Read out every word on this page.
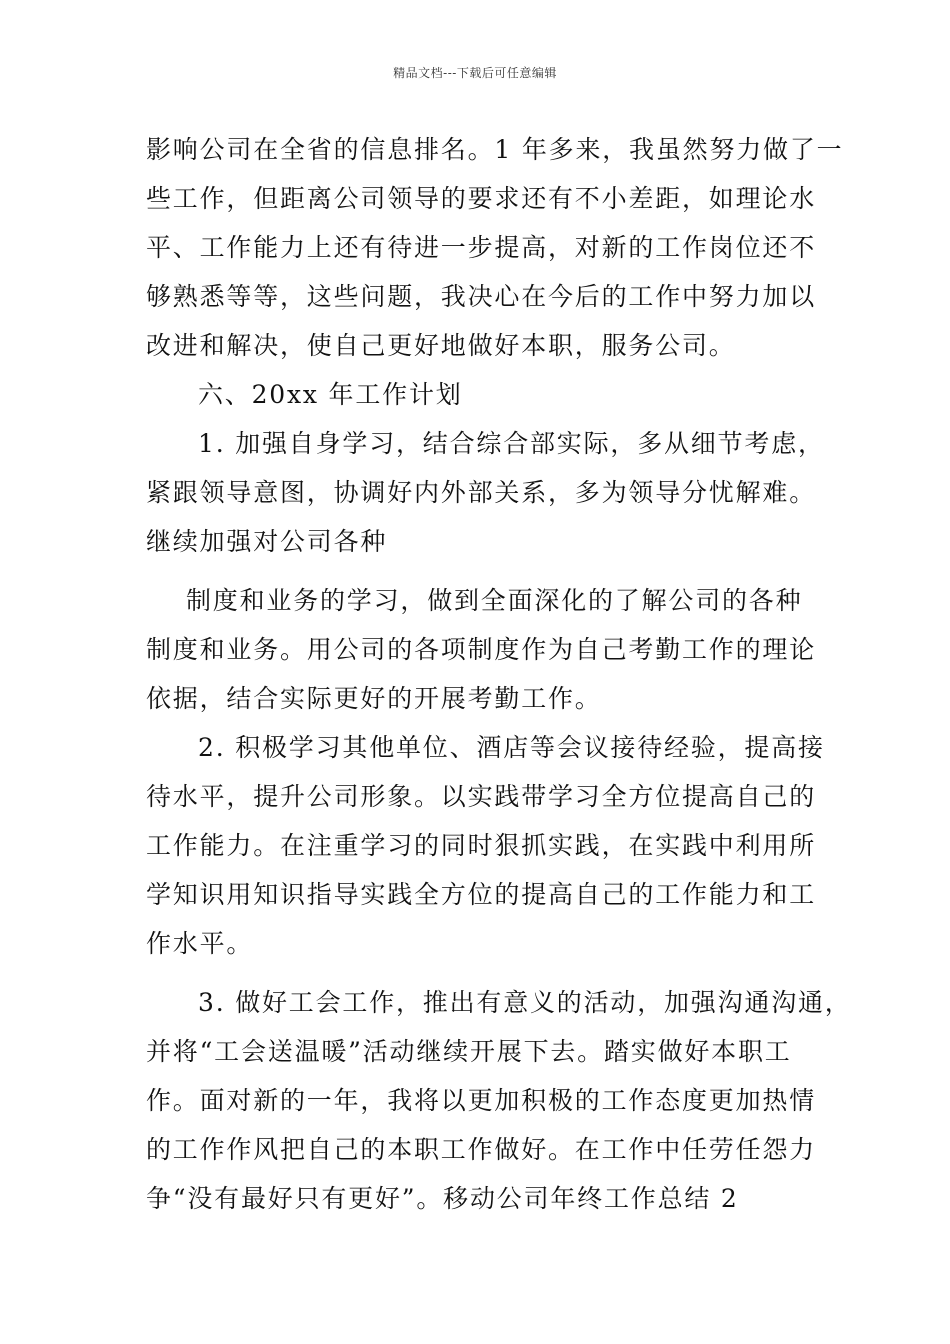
精品文档---下载后可任意编辑
影响公司在全省的信息排名。1 年多来，我虽然努力做了一
些工作，但距离公司领导的要求还有不小差距，如理论水
平、工作能力上还有待进一步提高，对新的工作岗位还不
够熟悉等等，这些问题，我决心在今后的工作中努力加以
改进和解决，使自己更好地做好本职，服务公司。
六、20xx 年工作计划
1. 加强自身学习，结合综合部实际，多从细节考虑，
紧跟领导意图，协调好内外部关系，多为领导分忧解难。
继续加强对公司各种
制度和业务的学习，做到全面深化的了解公司的各种
制度和业务。用公司的各项制度作为自己考勤工作的理论
依据，结合实际更好的开展考勤工作。
2. 积极学习其他单位、酒店等会议接待经验，提高接
待水平，提升公司形象。以实践带学习全方位提高自己的
工作能力。在注重学习的同时狠抓实践，在实践中利用所
学知识用知识指导实践全方位的提高自己的工作能力和工
作水平。
3. 做好工会工作，推出有意义的活动，加强沟通沟通，
并将“工会送温暖”活动继续开展下去。踏实做好本职工
作。面对新的一年，我将以更加积极的工作态度更加热情
的工作作风把自己的本职工作做好。在工作中任劳任怨力
争“没有最好只有更好”。移动公司年终工作总结 2
